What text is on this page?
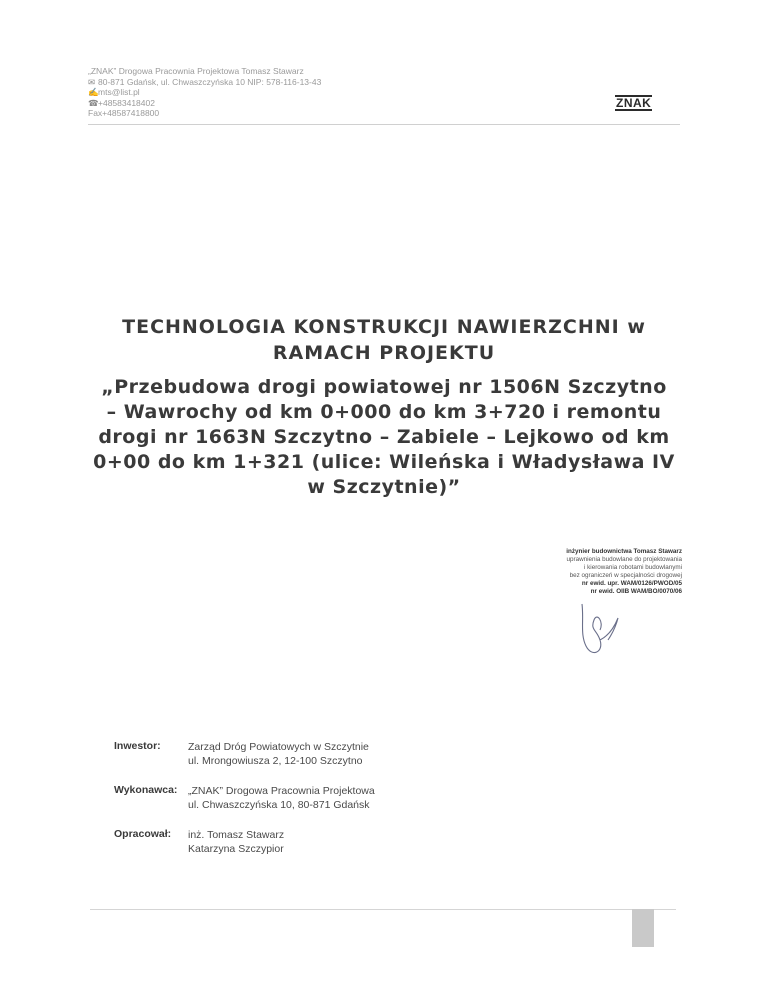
„ZNAK” Drogowa Pracownia Projektowa Tomasz Stawarz
✉ 80-871 Gdańsk, ul. Chwaszczyńska 10 NIP: 578-116-13-43
✍mts@list.pl
☎+48583418402
Fax+48587418800
ZNAK
TECHNOLOGIA KONSTRUKCJI NAWIERZCHNI w
RAMACH PROJEKTU
„Przebudowa drogi powiatowej nr 1506N Szczytno
– Wawrochy od km 0+000 do km 3+720 i remontu
drogi nr 1663N Szczytno – Zabiele – Lejkowo od km
0+00 do km 1+321 (ulice: Wileńska i Władysława IV
w Szczytnie)”
inżynier budownictwa Tomasz Stawarz
uprawnienia budowlane do projektowania
i kierowania robotami budowlanymi
bez ograniczeń w specjalności drogowej
nr ewid. upr. WAM/0126/PWOD/05
nr ewid. OIIB WAM/BO/0070/06
Inwestor:	Zarząd Dróg Powiatowych w Szczytnie
ul. Mrongowiusza 2, 12-100 Szczytno
Wykonawca: „ZNAK” Drogowa Pracownia Projektowa
ul. Chwaszczyńska 10, 80-871 Gdańsk
Opracował: inż. Tomasz Stawarz
Katarzyna Szczypior
